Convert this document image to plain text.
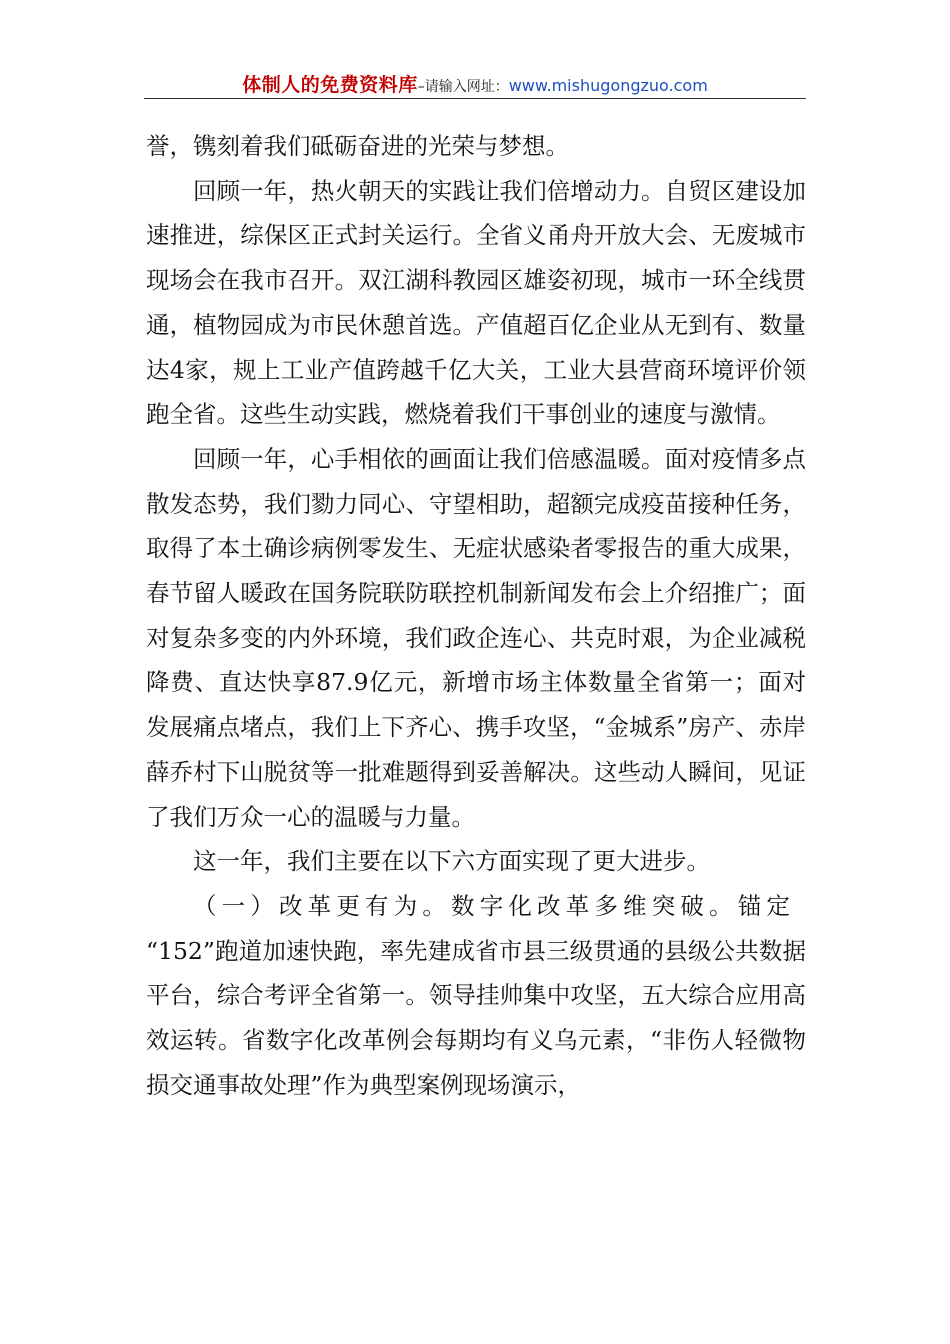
体制人的免费资料库–请输入网址：www.mishugongzuo.com

誉，镌刻着我们砥砺奋进的光荣与梦想。

回顾一年，热火朝天的实践让我们倍增动力。自贸区建设加速推进，综保区正式封关运行。全省义甬舟开放大会、无废城市现场会在我市召开。双江湖科教园区雄姿初现，城市一环全线贯通，植物园成为市民休憩首选。产值超百亿企业从无到有、数量达4家，规上工业产值跨越千亿大关，工业大县营商环境评价领跑全省。这些生动实践，燃烧着我们干事创业的速度与激情。

回顾一年，心手相依的画面让我们倍感温暖。面对疫情多点散发态势，我们勠力同心、守望相助，超额完成疫苗接种任务，取得了本土确诊病例零发生、无症状感染者零报告的重大成果，春节留人暖政在国务院联防联控机制新闻发布会上介绍推广；面对复杂多变的内外环境，我们政企连心、共克时艰，为企业减税降费、直达快享87.9亿元，新增市场主体数量全省第一；面对发展痛点堵点，我们上下齐心、携手攻坚，“金城系”房产、赤岸薛乔村下山脱贫等一批难题得到妥善解决。这些动人瞬间，见证了我们万众一心的温暖与力量。

这一年，我们主要在以下六方面实现了更大进步。

（一）改革更有为。数字化改革多维突破。锚定

“152”跑道加速快跑，率先建成省市县三级贯通的县级公共数据平台，综合考评全省第一。领导挂帅集中攻坚，五大综合应用高效运转。省数字化改革例会每期均有义乌元素，“非伤人轻微物损交通事故处理”作为典型案例现场演示，
